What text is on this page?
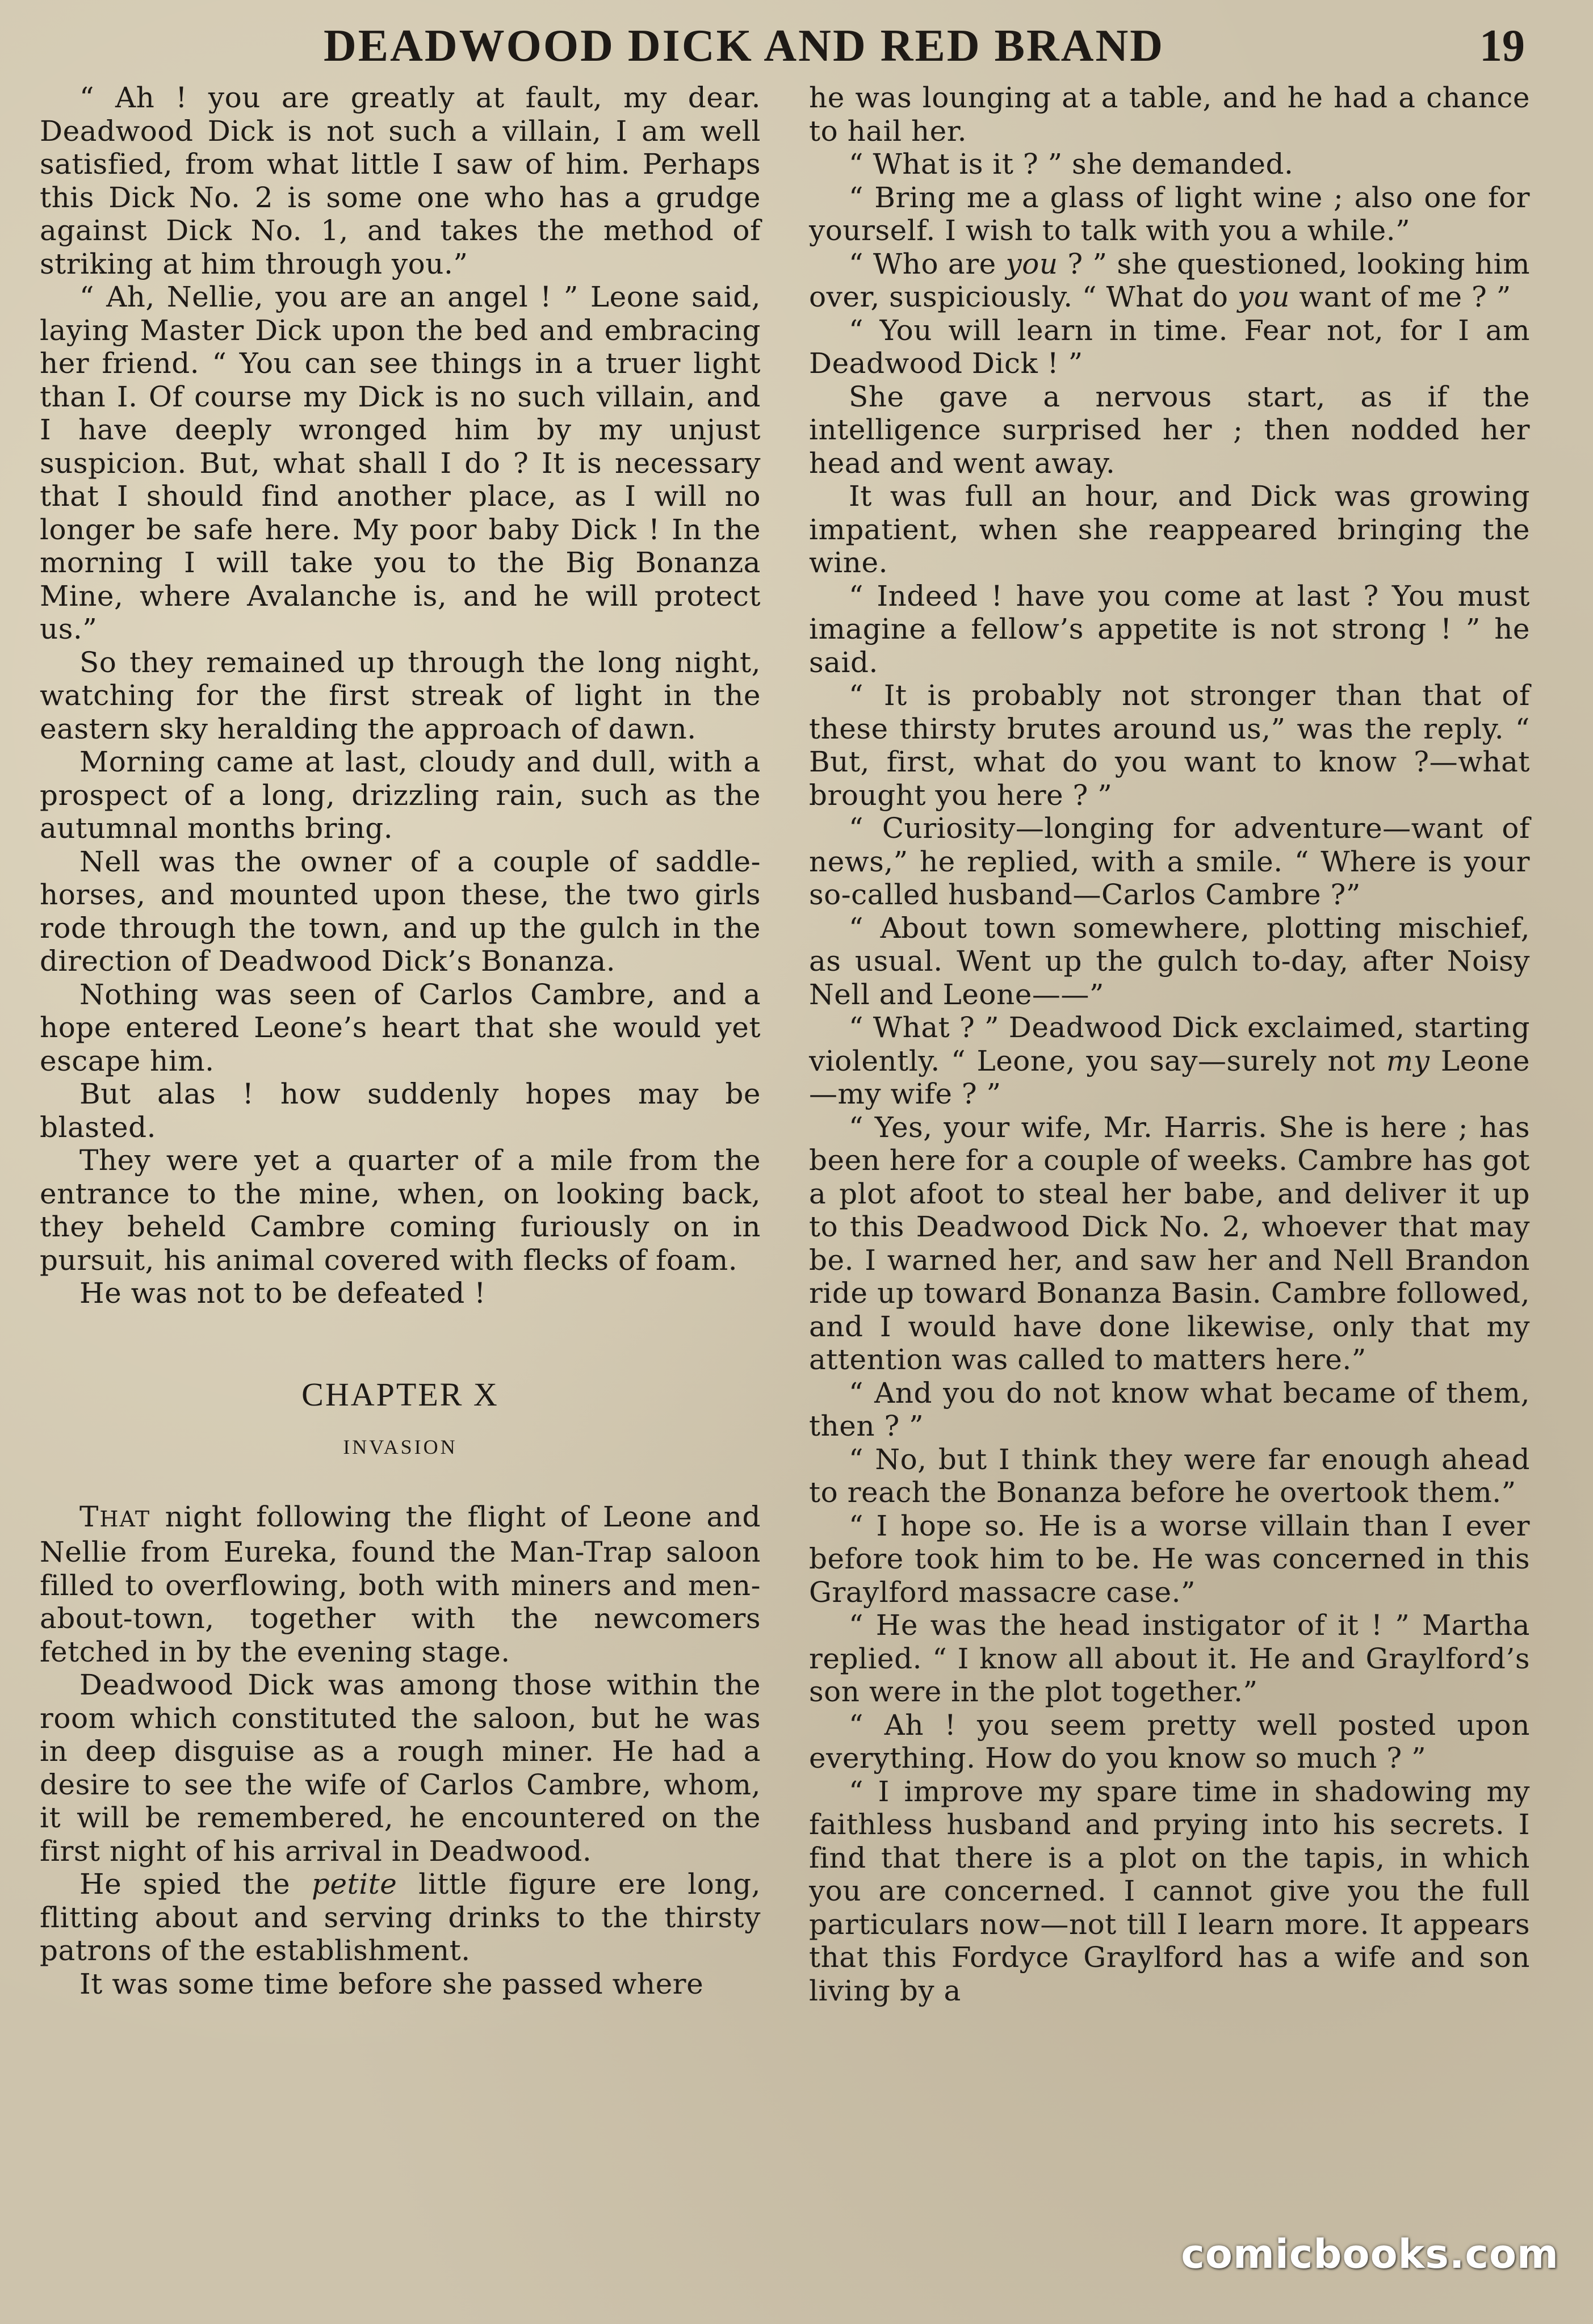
DEADWOOD DICK AND RED BRAND	19

“ Ah ! you are greatly at fault, my dear. Deadwood Dick is not such a villain, I am well satisfied, from what little I saw of him. Perhaps this Dick No. 2 is some one who has a grudge against Dick No. 1, and takes the method of striking at him through you.”

“ Ah, Nellie, you are an angel ! ” Leone said, laying Master Dick upon the bed and embracing her friend. “ You can see things in a truer light than I. Of course my Dick is no such villain, and I have deeply wronged him by my unjust suspicion. But, what shall I do ? It is necessary that I should find another place, as I will no longer be safe here. My poor baby Dick ! In the morning I will take you to the Big Bonanza Mine, where Avalanche is, and he will protect us.”

So they remained up through the long night, watching for the first streak of light in the eastern sky heralding the approach of dawn.

Morning came at last, cloudy and dull, with a prospect of a long, drizzling rain, such as the autumnal months bring.

Nell was the owner of a couple of saddle-horses, and mounted upon these, the two girls rode through the town, and up the gulch in the direction of Deadwood Dick’s Bonanza.

Nothing was seen of Carlos Cambre, and a hope entered Leone’s heart that she would yet escape him.

But alas ! how suddenly hopes may be blasted.

They were yet a quarter of a mile from the entrance to the mine, when, on looking back, they beheld Cambre coming furiously on in pursuit, his animal covered with flecks of foam.

He was not to be defeated !

CHAPTER X
INVASION

THAT night following the flight of Leone and Nellie from Eureka, found the Man-Trap saloon filled to overflowing, both with miners and men-about-town, together with the newcomers fetched in by the evening stage.

Deadwood Dick was among those within the room which constituted the saloon, but he was in deep disguise as a rough miner. He had a desire to see the wife of Carlos Cambre, whom, it will be remembered, he encountered on the first night of his arrival in Deadwood.

He spied the petite little figure ere long, flitting about and serving drinks to the thirsty patrons of the establishment.

It was some time before she passed where

he was lounging at a table, and he had a chance to hail her.

“ What is it ? ” she demanded.

“ Bring me a glass of light wine ; also one for yourself. I wish to talk with you a while.”

“ Who are you ? ” she questioned, looking him over, suspiciously. “ What do you want of me ? ”

“ You will learn in time. Fear not, for I am Deadwood Dick ! ”

She gave a nervous start, as if the intelligence surprised her ; then nodded her head and went away.

It was full an hour, and Dick was growing impatient, when she reappeared bringing the wine.

“ Indeed ! have you come at last ? You must imagine a fellow’s appetite is not strong ! ” he said.

“ It is probably not stronger than that of these thirsty brutes around us,” was the reply. “ But, first, what do you want to know ?—what brought you here ? ”

“ Curiosity—longing for adventure—want of news,” he replied, with a smile. “ Where is your so-called husband—Carlos Cambre ?”

“ About town somewhere, plotting mischief, as usual. Went up the gulch to-day, after Noisy Nell and Leone——”

“ What ? ” Deadwood Dick exclaimed, starting violently. “ Leone, you say—surely not my Leone—my wife ? ”

“ Yes, your wife, Mr. Harris. She is here ; has been here for a couple of weeks. Cambre has got a plot afoot to steal her babe, and deliver it up to this Deadwood Dick No. 2, whoever that may be. I warned her, and saw her and Nell Brandon ride up toward Bonanza Basin. Cambre followed, and I would have done likewise, only that my attention was called to matters here.”

“ And you do not know what became of them, then ? ”

“ No, but I think they were far enough ahead to reach the Bonanza before he overtook them.”

“ I hope so. He is a worse villain than I ever before took him to be. He was concerned in this Graylford massacre case.”

“ He was the head instigator of it ! ” Martha replied. “ I know all about it. He and Graylford’s son were in the plot together.”

“ Ah ! you seem pretty well posted upon everything. How do you know so much ? ”

“ I improve my spare time in shadowing my faithless husband and prying into his secrets. I find that there is a plot on the tapis, in which you are concerned. I cannot give you the full particulars now—not till I learn more. It appears that this Fordyce Graylford has a wife and son living by a

comicbooks.com
